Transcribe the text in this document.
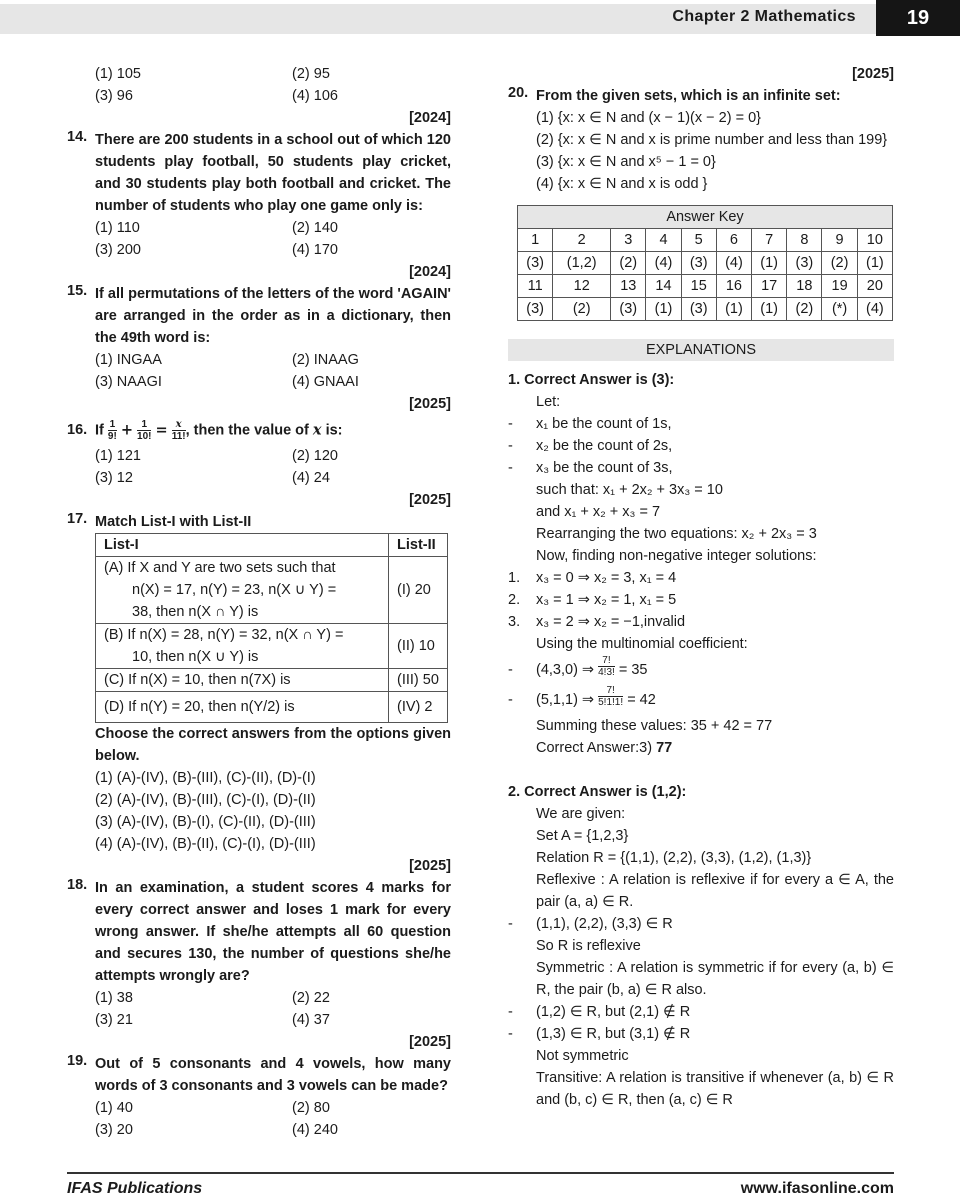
Chapter 2 Mathematics	19
(1) 105	(2) 95
(3) 96	(4) 106
[2024]
14. There are 200 students in a school out of which 120 students play football, 50 students play cricket, and 30 students play both football and cricket. The number of students who play one game only is:
(1) 110	(2) 140
(3) 200	(4) 170
[2024]
15. If all permutations of the letters of the word 'AGAIN' are arranged in the order as in a dictionary, then the 49th word is:
(1) INGAA	(2) INAAG
(3) NAAGI	(4) GNAAI
[2025]
16. If $\frac{1}{9!} + \frac{1}{10!} = \frac{x}{11!}$ , then the value of x is:
(1) 121	(2) 120
(3) 12	(4) 24
[2025]
17. Match List-I with List-II
List-I	List-II

(A) If X and Y are two sets such that
n(X) = 17, n(Y) = 23, n(X ∪ Y) =
38, then n(X ∩ Y) is	(I) 20

(B) If n(X) = 28, n(Y) = 32, n(X ∩ Y) =
10, then n(X ∪ Y) is	(II) 10
(C) If n(X) = 10, then n(7X) is	(III) 50
(D) If n(Y) = 20, then n(Y/2) is	(IV) 2
Choose the correct answers from the options given below.
(1) (A)-(IV), (B)-(III), (C)-(II), (D)-(I)
(2) (A)-(IV), (B)-(III), (C)-(I), (D)-(II)
(3) (A)-(IV), (B)-(I), (C)-(II), (D)-(III)
(4) (A)-(IV), (B)-(II), (C)-(I), (D)-(III)
[2025]
18. In an examination, a student scores 4 marks for every correct answer and loses 1 mark for every wrong answer. If she/he attempts all 60 question and secures 130, the number of questions she/he attempts wrongly are?
(1) 38	(2) 22
(3) 21	(4) 37
[2025]
19. Out of 5 consonants and 4 vowels, how many words of 3 consonants and 3 vowels can be made?
(1) 40	(2) 80
(3) 20	(4) 240
[2025]
20. From the given sets, which is an infinite set:
(1) {x: x ∈ N and (x − 1)(x − 2) = 0}
(2) {x: x ∈ N and x is prime number and less than 199}
(3) {x: x ∈ N and x⁵ − 1 = 0}
(4) {x: x ∈ N and x is odd }
Answer Key									
1	2	3	4	5	6	7	8	9	10
(3)	(1,2)	(2)	(4)	(3)	(4)	(1)	(3)	(2)	(1)
11	12	13	14	15	16	17	18	19	20
(3)	(2)	(3)	(1)	(3)	(1)	(1)	(2)	(*)	(4)
EXPLANATIONS
1. Correct Answer is (3):
Let:
-	x₁ be the count of 1s,
-	x₂ be the count of 2s,
-	x₃ be the count of 3s,
such that: x₁ + 2x₂ + 3x₃ = 10
and x₁ + x₂ + x₃ = 7
Rearranging the two equations: x₂ + 2x₃ = 3
Now, finding non-negative integer solutions:
1.	x₃ = 0 ⇒ x₂ = 3, x₁ = 4
2.	x₃ = 1 ⇒ x₂ = 1, x₁ = 5
3.	x₃ = 2 ⇒ x₂ = −1,invalid
Using the multinomial coefficient:
-	(4,3,0) ⇒
$\frac{7!}{4!3!}$
= 35
-	(5,1,1) ⇒
$\frac{7!}{5!1!1!}$
= 42
Summing these values: 35 + 42 = 77
Correct Answer:3) 77
2. Correct Answer is (1,2):
We are given:
Set A = {1,2,3}
Relation R = {(1,1), (2,2), (3,3), (1,2), (1,3)}
Reflexive : A relation is reflexive if for every a ∈ A, the pair (a, a) ∈ R.
-	(1,1), (2,2), (3,3) ∈ R
So R is reflexive
Symmetric : A relation is symmetric if for every (a, b) ∈ R, the pair (b, a) ∈ R also.
-	(1,2) ∈ R, but (2,1) ∉ R
-	(1,3) ∈ R, but (3,1) ∉ R
Not symmetric
Transitive: A relation is transitive if whenever (a, b) ∈ R and (b, c) ∈ R, then (a, c) ∈ R
IFAS Publications	www.ifasonline.com
